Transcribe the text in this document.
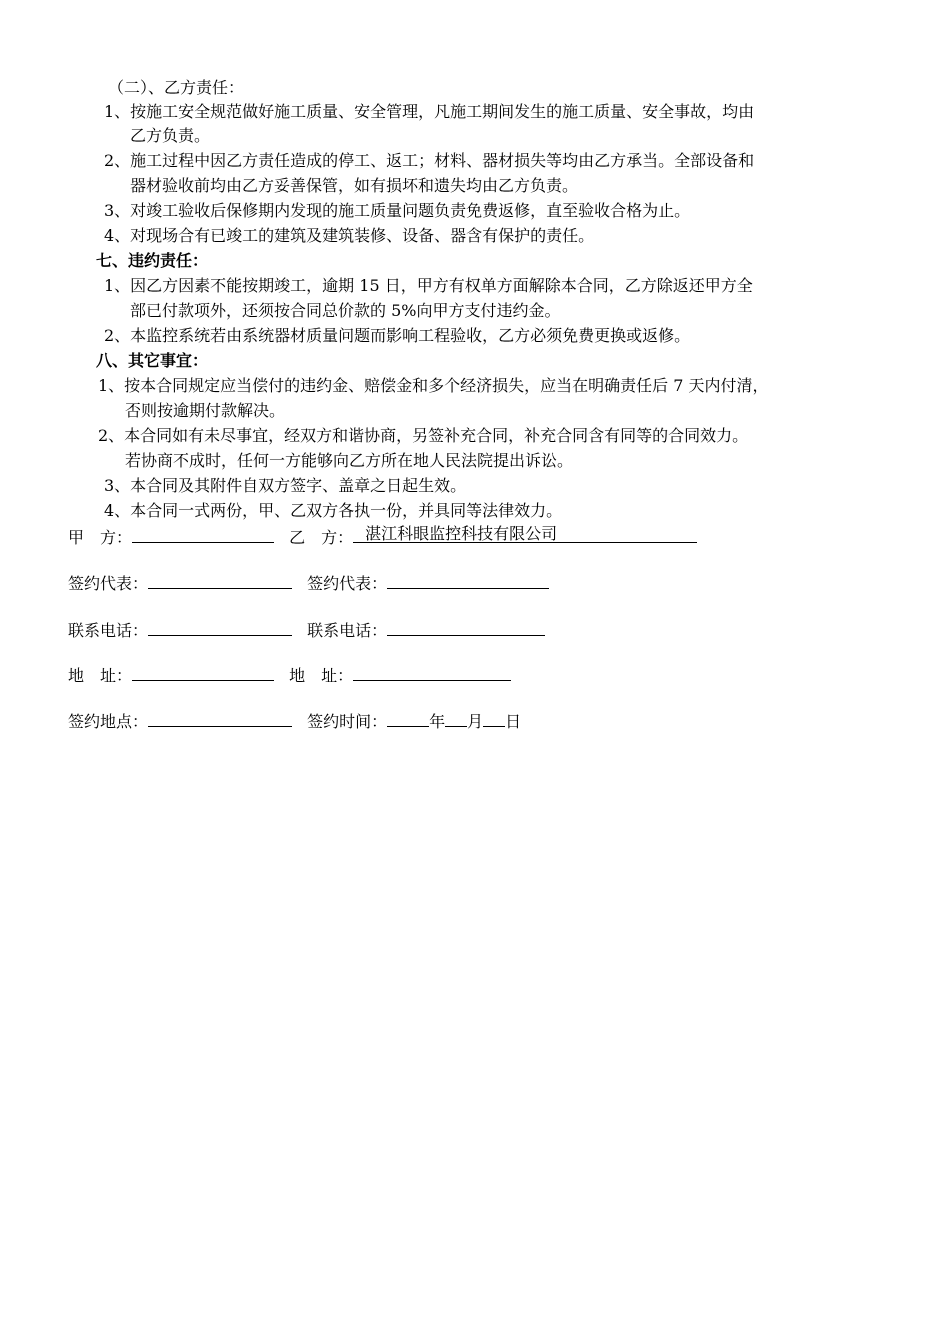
（二）、乙方责任：
1、按施工安全规范做好施工质量、安全管理，凡施工期间发生的施工质量、安全事故，均由
乙方负责。
2、施工过程中因乙方责任造成的停工、返工；材料、器材损失等均由乙方承当。全部设备和
器材验收前均由乙方妥善保管，如有损坏和遗失均由乙方负责。
3、对竣工验收后保修期内发现的施工质量问题负责免费返修，直至验收合格为止。
4、对现场合有已竣工的建筑及建筑装修、设备、器含有保护的责任。
七、违约责任：
1、因乙方因素不能按期竣工，逾期 15 日，甲方有权单方面解除本合同，乙方除返还甲方全
部已付款项外，还须按合同总价款的 5%向甲方支付违约金。
2、本监控系统若由系统器材质量问题而影响工程验收，乙方必须免费更换或返修。
八、其它事宜：
1、按本合同规定应当偿付的违约金、赔偿金和多个经济损失，应当在明确责任后 7 天内付清，
否则按逾期付款解决。
2、本合同如有未尽事宜，经双方和谐协商，另签补充合同，补充合同含有同等的合同效力。
若协商不成时，任何一方能够向乙方所在地人民法院提出诉讼。
3、本合同及其附件自双方签字、盖章之日起生效。
4、本合同一式两份，甲、乙双方各执一份，并具同等法律效力。
甲　方：	乙　方： 湛江科眼监控科技有限公司
签约代表：	签约代表：
联系电话：	联系电话：
地　址：	地　址：
签约地点：	签约时间：	年 月 日
